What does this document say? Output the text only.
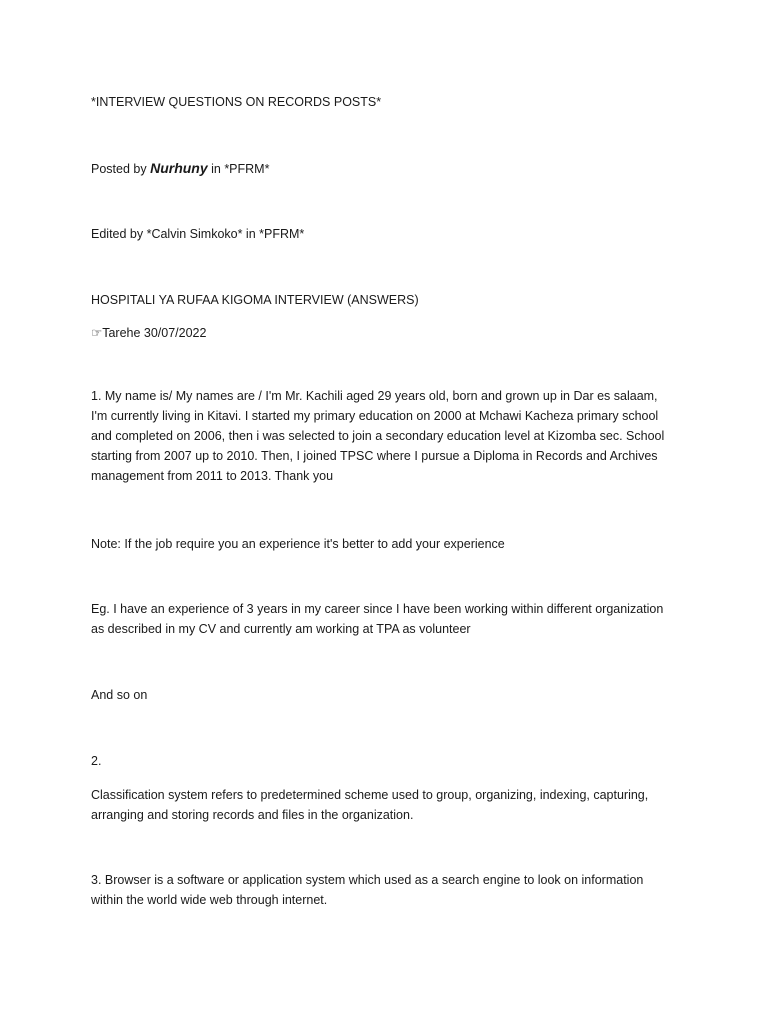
*INTERVIEW QUESTIONS ON RECORDS POSTS*

Posted by Nurhuny in *PFRM*

Edited by *Calvin Simkoko* in *PFRM*

HOSPITALI YA RUFAA KIGOMA INTERVIEW (ANSWERS)

☞Tarehe 30/07/2022

1. My name is/ My names are / I'm Mr. Kachili aged 29 years old, born and grown up in Dar es salaam,
I'm currently living in Kitavi. I started my primary education on 2000 at Mchawi Kacheza primary school
and completed on 2006, then i was selected to join a secondary education level at Kizomba sec. School
starting from 2007 up to 2010. Then, I joined TPSC where I pursue a Diploma in Records and Archives
management from 2011 to 2013. Thank you

Note: If the job require you an experience it's better to add your experience

Eg. I have an experience of 3 years in my career since I have been working within different organization
as described in my CV and currently am working at TPA as volunteer

And so on

2.

Classification system refers to predetermined scheme used to group, organizing, indexing, capturing,
arranging and storing records and files in the organization.
3. Browser is a software or application system which used as a search engine to look on information
within the world wide web through internet.
